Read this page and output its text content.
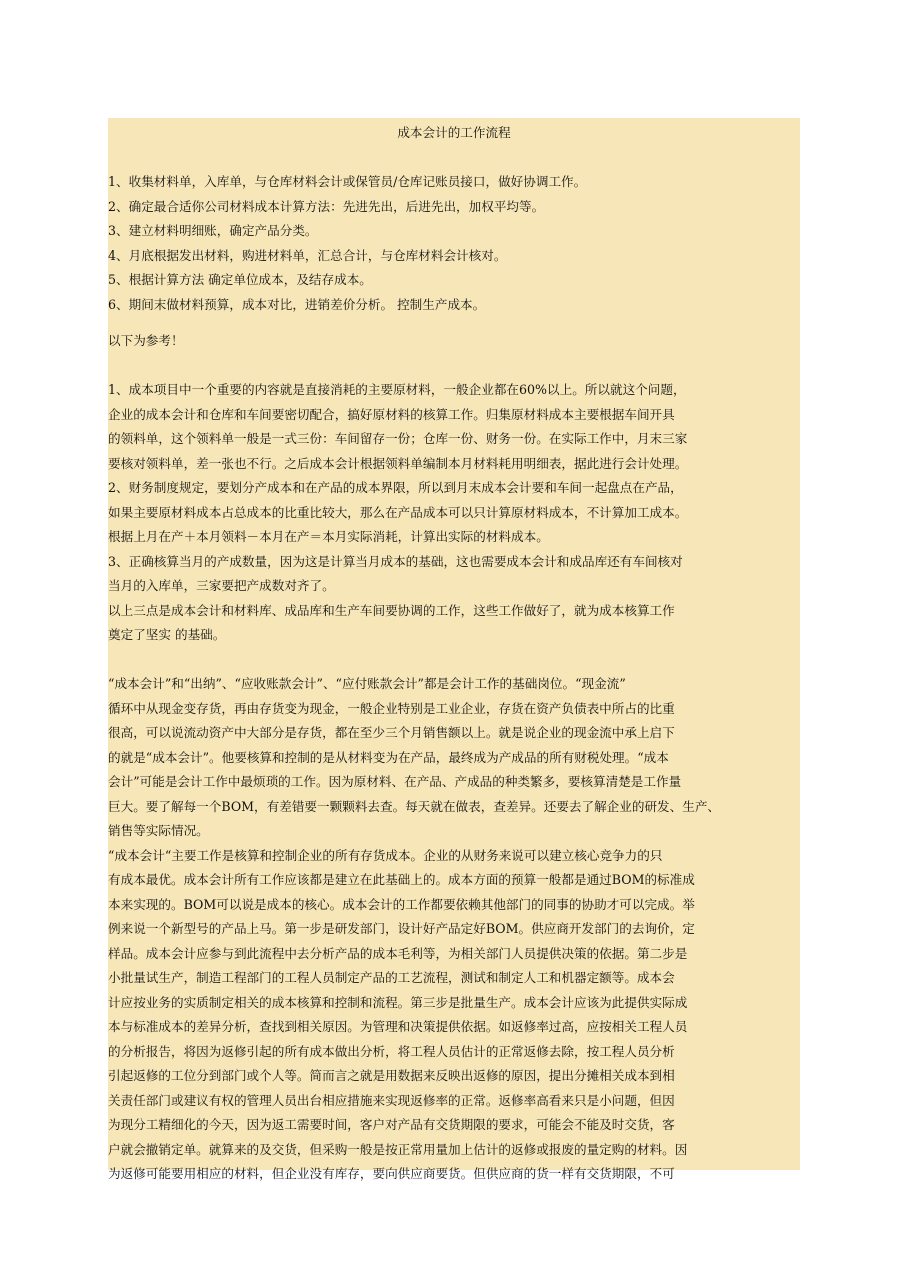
成本会计的工作流程
1、收集材料单，入库单，与仓库材料会计或保管员/仓库记账员接口，做好协调工作。
2、确定最合适你公司材料成本计算方法：先进先出，后进先出，加权平均等。
3、建立材料明细账，确定产品分类。
4、月底根据发出材料，购进材料单，汇总合计，与仓库材料会计核对。
5、根据计算方法 确定单位成本，及结存成本。
6、期间末做材料预算，成本对比，进销差价分析。 控制生产成本。
以下为参考！
1、成本项目中一个重要的内容就是直接消耗的主要原材料，一般企业都在60%以上。所以就这个问题，
企业的成本会计和仓库和车间要密切配合，搞好原材料的核算工作。归集原材料成本主要根据车间开具
的领料单，这个领料单一般是一式三份：车间留存一份；仓库一份、财务一份。在实际工作中，月末三家
要核对领料单，差一张也不行。之后成本会计根据领料单编制本月材料耗用明细表，据此进行会计处理。
2、财务制度规定，要划分产成本和在产品的成本界限，所以到月末成本会计要和车间一起盘点在产品，
如果主要原材料成本占总成本的比重比较大，那么在产品成本可以只计算原材料成本，不计算加工成本。
根据上月在产＋本月领料－本月在产＝本月实际消耗，计算出实际的材料成本。
3、正确核算当月的产成数量，因为这是计算当月成本的基础，这也需要成本会计和成品库还有车间核对
当月的入库单，三家要把产成数对齐了。
以上三点是成本会计和材料库、成品库和生产车间要协调的工作，这些工作做好了，就为成本核算工作
奠定了坚实 的基础。
“成本会计”和“出纳”、“应收账款会计”、“应付账款会计”都是会计工作的基础岗位。“现金流”
循环中从现金变存货，再由存货变为现金，一般企业特别是工业企业，存货在资产负债表中所占的比重
很高，可以说流动资产中大部分是存货，都在至少三个月销售额以上。就是说企业的现金流中承上启下
的就是“成本会计”。他要核算和控制的是从材料变为在产品，最终成为产成品的所有财税处理。“成本
会计”可能是会计工作中最烦琐的工作。因为原材料、在产品、产成品的种类繁多，要核算清楚是工作量
巨大。要了解每一个BOM，有差错要一颗颗料去查。每天就在做表，查差异。还要去了解企业的研发、生产、
销售等实际情况。
“成本会计“主要工作是核算和控制企业的所有存货成本。企业的从财务来说可以建立核心竞争力的只
有成本最优。成本会计所有工作应该都是建立在此基础上的。成本方面的预算一般都是通过BOM的标准成
本来实现的。BOM可以说是成本的核心。成本会计的工作都要依赖其他部门的同事的协助才可以完成。举
例来说一个新型号的产品上马。第一步是研发部门，设计好产品定好BOM。供应商开发部门的去询价，定
样品。成本会计应参与到此流程中去分析产品的成本毛利等，为相关部门人员提供决策的依据。第二步是
小批量试生产，制造工程部门的工程人员制定产品的工艺流程，测试和制定人工和机器定额等。成本会
计应按业务的实质制定相关的成本核算和控制和流程。第三步是批量生产。成本会计应该为此提供实际成
本与标准成本的差异分析，查找到相关原因。为管理和决策提供依据。如返修率过高，应按相关工程人员
的分析报告，将因为返修引起的所有成本做出分析，将工程人员估计的正常返修去除，按工程人员分析
引起返修的工位分到部门或个人等。简而言之就是用数据来反映出返修的原因，提出分摊相关成本到相
关责任部门或建议有权的管理人员出台相应措施来实现返修率的正常。返修率高看来只是小问题，但因
为现分工精细化的今天，因为返工需要时间，客户对产品有交货期限的要求，可能会不能及时交货，客
户就会撤销定单。就算来的及交货，但采购一般是按正常用量加上估计的返修或报废的量定购的材料。因
为返修可能要用相应的材料，但企业没有库存，要向供应商要货。但供应商的货一样有交货期限，不可
